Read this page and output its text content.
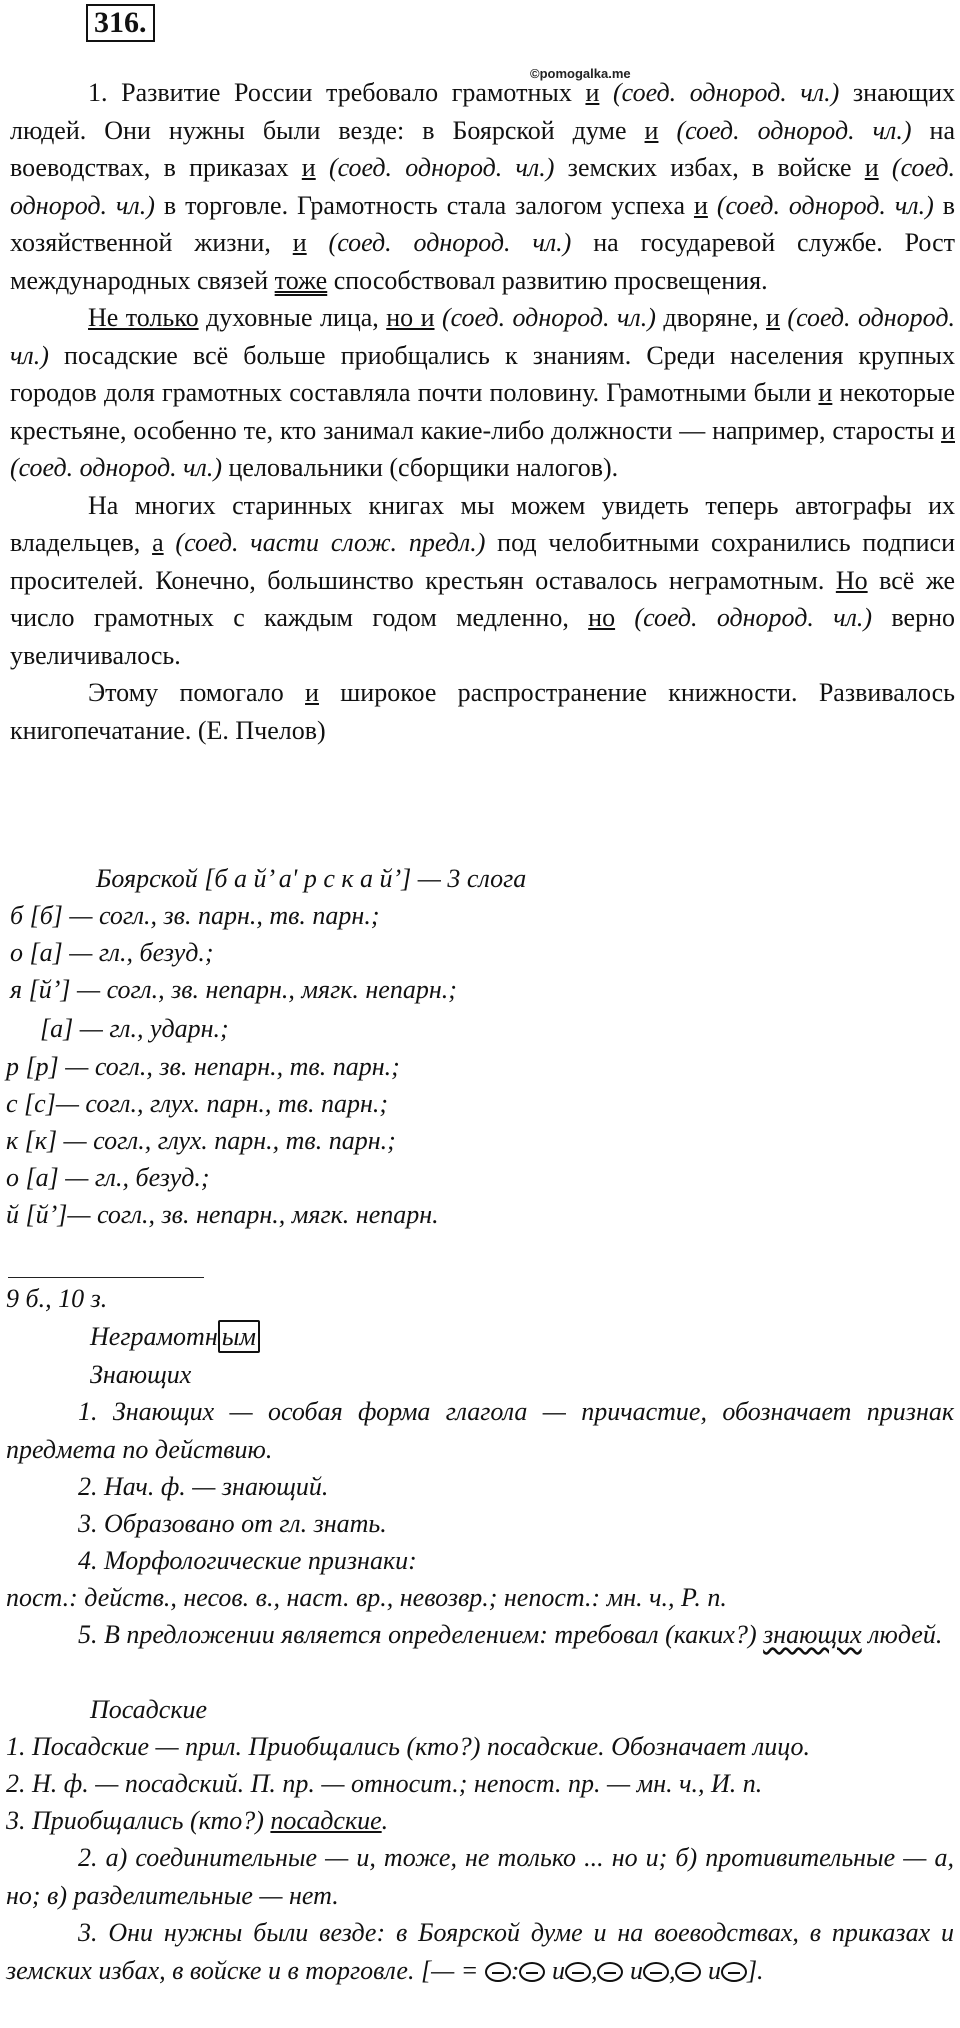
316.
©pomogalka.me

1. Развитие России требовало грамотных и (соед. однород. чл.) знающих людей. Они нужны были везде: в Боярской думе и (соед. однород. чл.) на воеводствах, в приказах и (соед. однород. чл.) земских избах, в войске и (соед. однород. чл.) в торговле. Грамотность стала залогом успеха и (соед. однород. чл.) в хозяйственной жизни, и (соед. однород. чл.) на государевой службе. Рост международных связей тоже способствовал развитию просвещения.

Не только духовные лица, но и (соед. однород. чл.) дворяне, и (соед. однород. чл.) посадские всё больше приобщались к знаниям. Среди населения крупных городов доля грамотных составляла почти половину. Грамотными были и некоторые крестьяне, особенно те, кто занимал какие-либо должности — например, старосты и (соед. однород. чл.) целовальники (сборщики налогов).

На многих старинных книгах мы можем увидеть теперь автографы их владельцев, а (соед. части слож. предл.) под челобитными сохранились подписи просителей. Конечно, большинство крестьян оставалось неграмотным. Но всё же число грамотных с каждым годом медленно, но (соед. однород. чл.) верно увеличивалось.

Этому помогало и широкое распространение книжности. Развивалось книгопечатание. (Е. Пчелов)

Боярской [б а й’ а' р с к а й’] — 3 слога
б [б] — согл., зв. парн., тв. парн.;
о [а] — гл., безуд.;
я [й’] — согл., зв. непарн., мягк. непарн.;
[а] — гл., ударн.;
р [р] — согл., зв. непарн., тв. парн.;
с [с]— согл., глух. парн., тв. парн.;
к [к] — согл., глух. парн., тв. парн.;
о [а] — гл., безуд.;
й [й’]— согл., зв. непарн., мягк. непарн.
9 б., 10 з.
Неграмотн ым
Знающих
1. Знающих — особая форма глагола — причастие, обозначает признак предмета по действию.
2. Нач. ф. — знающий.
3. Образовано от гл. знать.
4. Морфологические признаки:
пост.: действ., несов. в., наст. вр., невозвр.; непост.: мн. ч., Р. п.
5. В предложении является определением: требовал (каких?) знающих людей.
Посадские
1. Посадские — прил. Приобщались (кто?) посадские. Обозначает лицо.
2. Н. ф. — посадский. П. пр. — относит.; непост. пр. — мн. ч., И. п.
3. Приобщались (кто?) посадские.
2. а) соединительные — и, тоже, не только ... но и; б) противительные — а, но; в) разделительные — нет.
3. Они нужны были везде: в Боярской думе и на воеводствах, в приказах и земских избах, в войске и в торговле. [— = : и , и , и ].
